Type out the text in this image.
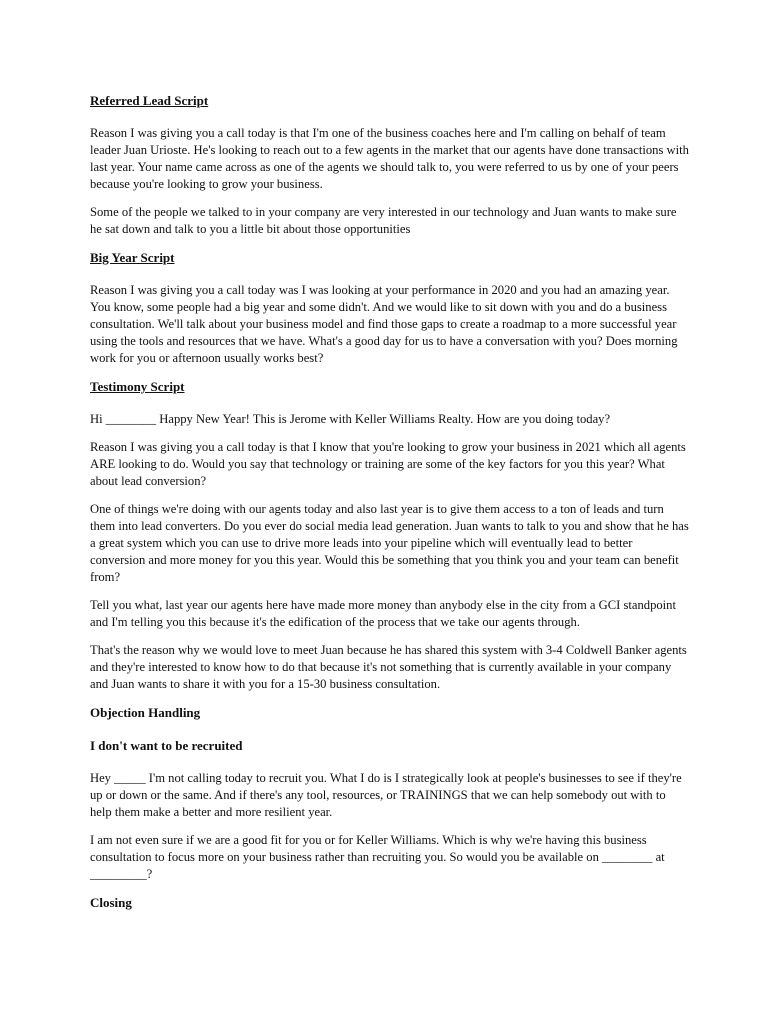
Referred Lead Script

Reason I was giving you a call today is that I'm one of the business coaches here and I'm calling on behalf of team leader Juan Urioste. He's looking to reach out to a few agents in the market that our agents have done transactions with last year. Your name came across as one of the agents we should talk to, you were referred to us by one of your peers because you're looking to grow your business.

Some of the people we talked to in your company are very interested in our technology and Juan wants to make sure he sat down and talk to you a little bit about those opportunities

Big Year Script

Reason I was giving you a call today was I was looking at your performance in 2020 and you had an amazing year. You know, some people had a big year and some didn't. And we would like to sit down with you and do a business consultation. We'll talk about your business model and find those gaps to create a roadmap to a more successful year using the tools and resources that we have. What's a good day for us to have a conversation with you? Does morning work for you or afternoon usually works best?

Testimony Script

Hi ________ Happy New Year! This is Jerome with Keller Williams Realty. How are you doing today?

Reason I was giving you a call today is that I know that you're looking to grow your business in 2021 which all agents ARE looking to do. Would you say that technology or training are some of the key factors for you this year? What about lead conversion?

One of things we're doing with our agents today and also last year is to give them access to a ton of leads and turn them into lead converters. Do you ever do social media lead generation. Juan wants to talk to you and show that he has a great system which you can use to drive more leads into your pipeline which will eventually lead to better conversion and more money for you this year. Would this be something that you think you and your team can benefit from?

Tell you what, last year our agents here have made more money than anybody else in the city from a GCI standpoint and I'm telling you this because it's the edification of the process that we take our agents through.

That's the reason why we would love to meet Juan because he has shared this system with 3-4 Coldwell Banker agents and they're interested to know how to do that because it's not something that is currently available in your company and Juan wants to share it with you for a 15-30 business consultation.

Objection Handling
I don't want to be recruited

Hey _____ I'm not calling today to recruit you. What I do is I strategically look at people's businesses to see if they're up or down or the same. And if there's any tool, resources, or TRAININGS that we can help somebody out with to help them make a better and more resilient year.

I am not even sure if we are a good fit for you or for Keller Williams. Which is why we're having this business consultation to focus more on your business rather than recruiting you. So would you be available on ________ at _________?

Closing
